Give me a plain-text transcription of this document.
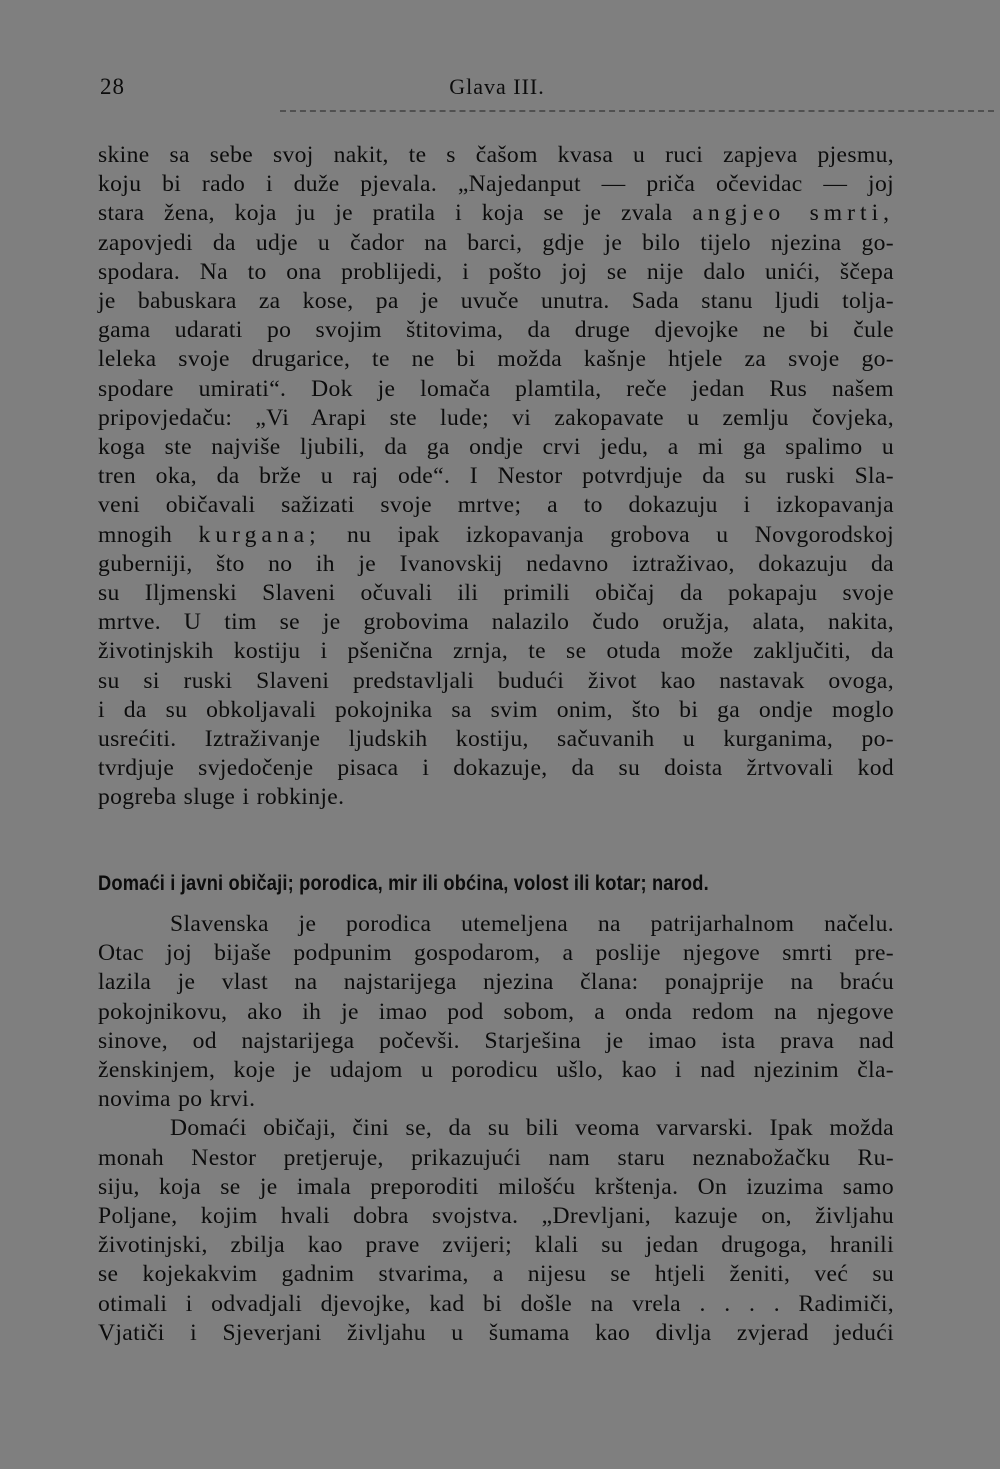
28	Glava III.

skine sa sebe svoj nakit, te s čašom kvasa u ruci zapjeva pjesmu,
koju bi rado i duže pjevala. „Najedanput — priča očevidac — joj
stara žena, koja ju je pratila i koja se je zvala angjeo smrti,
zapovjedi da udje u čador na barci, gdje je bilo tijelo njezina go-
spodara. Na to ona problijedi, i pošto joj se nije dalo unići, ščepa
je babuskara za kose, pa je uvuče unutra. Sada stanu ljudi tolja-
gama udarati po svojim štitovima, da druge djevojke ne bi čule
leleka svoje drugarice, te ne bi možda kašnje htjele za svoje go-
spodare umirati“. Dok je lomača plamtila, reče jedan Rus našem
pripovjedaču: „Vi Arapi ste lude; vi zakopavate u zemlju čovjeka,
koga ste najviše ljubili, da ga ondje crvi jedu, a mi ga spalimo u
tren oka, da brže u raj ode“. I Nestor potvrdjuje da su ruski Sla-
veni običavali sažizati svoje mrtve; a to dokazuju i izkopavanja
mnogih kurgana; nu ipak izkopavanja grobova u Novgorodskoj
guberniji, što no ih je Ivanovskij nedavno iztraživao, dokazuju da
su Iljmenski Slaveni očuvali ili primili običaj da pokapaju svoje
mrtve. U tim se je grobovima nalazilo čudo oružja, alata, nakita,
životinjskih kostiju i pšenična zrnja, te se otuda može zaključiti, da
su si ruski Slaveni predstavljali budući život kao nastavak ovoga,
i da su obkoljavali pokojnika sa svim onim, što bi ga ondje moglo
usrećiti. Iztraživanje ljudskih kostiju, sačuvanih u kurganima, po-
tvrdjuje svjedočenje pisaca i dokazuje, da su doista žrtvovali kod

pogreba sluge i robkinje.

Domaći i javni običaji; porodica, mir ili obćina, volost ili kotar; narod.

Slavenska je porodica utemeljena na patrijarhalnom načelu.

Otac joj bijaše podpunim gospodarom, a poslije njegove smrti pre-
lazila je vlast na najstarijega njezina člana: ponajprije na braću
pokojnikovu, ako ih je imao pod sobom, a onda redom na njegove
sinove, od najstarijega počevši. Starješina je imao ista prava nad
ženskinjem, koje je udajom u porodicu ušlo, kao i nad njezinim čla-

novima po krvi.

Domaći običaji, čini se, da su bili veoma varvarski. Ipak možda

monah Nestor pretjeruje, prikazujući nam staru neznabožačku Ru-
siju, koja se je imala preporoditi milošću krštenja. On izuzima samo
Poljane, kojim hvali dobra svojstva. „Drevljani, kazuje on, življahu
životinjski, zbilja kao prave zvijeri; klali su jedan drugoga, hranili
se kojekakvim gadnim stvarima, a nijesu se htjeli ženiti, već su
otimali i odvadjali djevojke, kad bi došle na vrela . . . . Radimiči,
Vjatiči i Sjeverjani življahu u šumama kao divlja zvjerad jedući
